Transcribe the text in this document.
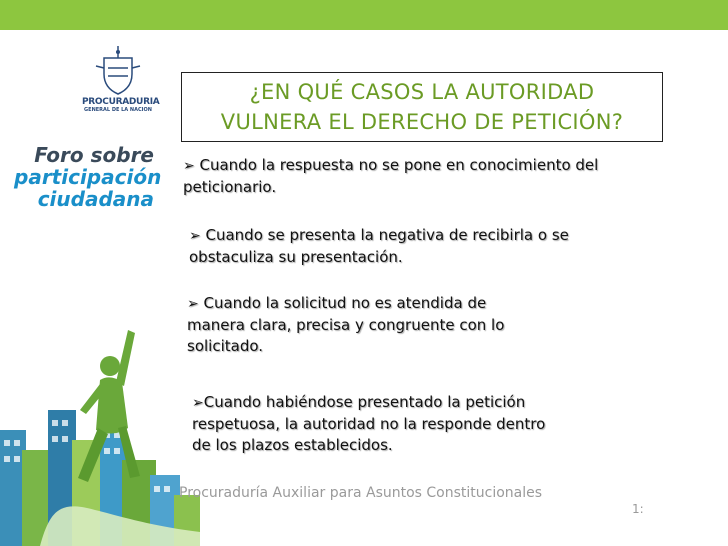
PROCURADURIA
GENERAL DE LA NACION
Foro sobre
participación
ciudadana
¿EN QUÉ CASOS LA AUTORIDAD
VULNERA EL DERECHO DE PETICIÓN?

➢ Cuando la respuesta no se pone en conocimiento del peticionario.

➢ Cuando se presenta la negativa de recibirla o se obstaculiza su presentación.

➢ Cuando la solicitud no es atendida de manera clara, precisa y congruente con lo solicitado.

➢Cuando habiéndose presentado la petición respetuosa, la autoridad no la responde dentro de los plazos establecidos.

Procuraduría Auxiliar para Asuntos Constitucionales
1:
